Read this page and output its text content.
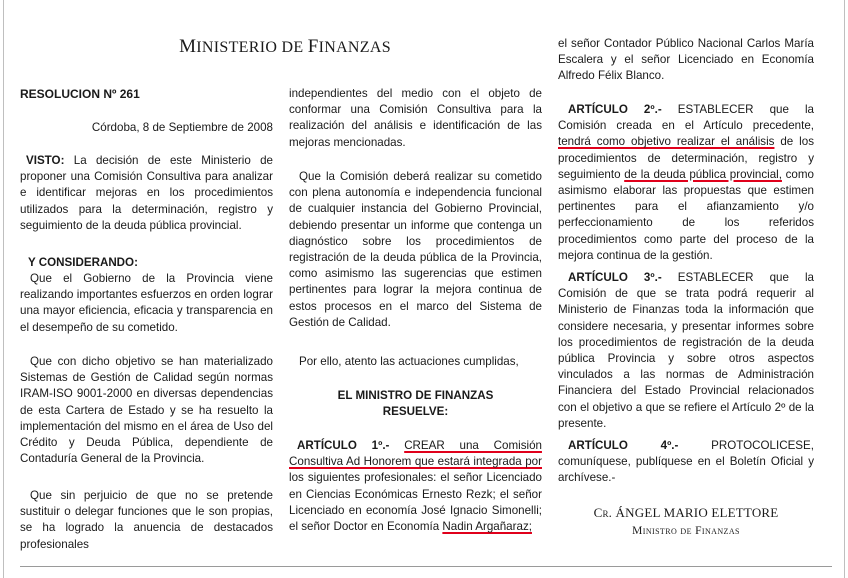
MINISTERIO DE FINANZAS

RESOLUCION Nº 261

Córdoba, 8 de Septiembre de 2008

VISTO: La decisión de este Ministerio de proponer una Comisión Consultiva para analizar e identificar mejoras en los procedimientos utilizados para la determinación, registro y seguimiento de la deuda pública provincial.

Y CONSIDERANDO:

Que el Gobierno de la Provincia viene realizando importantes esfuerzos en orden lograr una mayor eficiencia, eficacia y transparencia en el desempeño de su cometido.

Que con dicho objetivo se han materializado Sistemas de Gestión de Calidad según normas IRAM-ISO 9001-2000 en diversas dependencias de esta Cartera de Estado y se ha resuelto la implementación del mismo en el área de Uso del Crédito y Deuda Pública, dependiente de Contaduría General de la Provincia.

Que sin perjuicio de que no se pretende sustituir o delegar funciones que le son propias, se ha logrado la anuencia de destacados profesionales

independientes del medio con el objeto de conformar una Comisión Consultiva para la realización del análisis e identificación de las mejoras mencionadas.

Que la Comisión deberá realizar su cometido con plena autonomía e independencia funcional de cualquier instancia del Gobierno Provincial, debiendo presentar un informe que contenga un diagnóstico sobre los procedimientos de registración de la deuda pública de la Provincia, como asimismo las sugerencias que estimen pertinentes para lograr la mejora continua de estos procesos en el marco del Sistema de Gestión de Calidad.

Por ello, atento las actuaciones cumplidas,

EL MINISTRO DE FINANZAS

RESUELVE:

ARTÍCULO 1º.- CREAR una Comisión Consultiva Ad Honorem que estará integrada por los siguientes profesionales: el señor Licenciado en Ciencias Económicas Ernesto Rezk; el señor Licenciado en economía José Ignacio Simonelli; el señor Doctor en Economía Nadin Argañaraz;

el señor Contador Público Nacional Carlos María Escalera y el señor Licenciado en Economía Alfredo Félix Blanco.

ARTÍCULO 2º.- ESTABLECER que la Comisión creada en el Artículo precedente, tendrá como objetivo realizar el análisis de los procedimientos de determinación, registro y seguimiento de la deuda pública provincial, como asimismo elaborar las propuestas que estimen pertinentes para el afianzamiento y/o perfeccionamiento de los referidos procedimientos como parte del proceso de la mejora continua de la gestión.

ARTÍCULO 3º.- ESTABLECER que la Comisión de que se trata podrá requerir al Ministerio de Finanzas toda la información que considere necesaria, y presentar informes sobre los procedimientos de registración de la deuda pública Provincia y sobre otros aspectos vinculados a las normas de Administración Financiera del Estado Provincial relacionados con el objetivo a que se refiere el Artículo 2º de la presente.

ARTÍCULO 4º.- PROTOCOLICESE, comuníquese, publíquese en el Boletín Oficial y archívese.-

Cr. ÁNGEL MARIO ELETTORE
Ministro de Finanzas
